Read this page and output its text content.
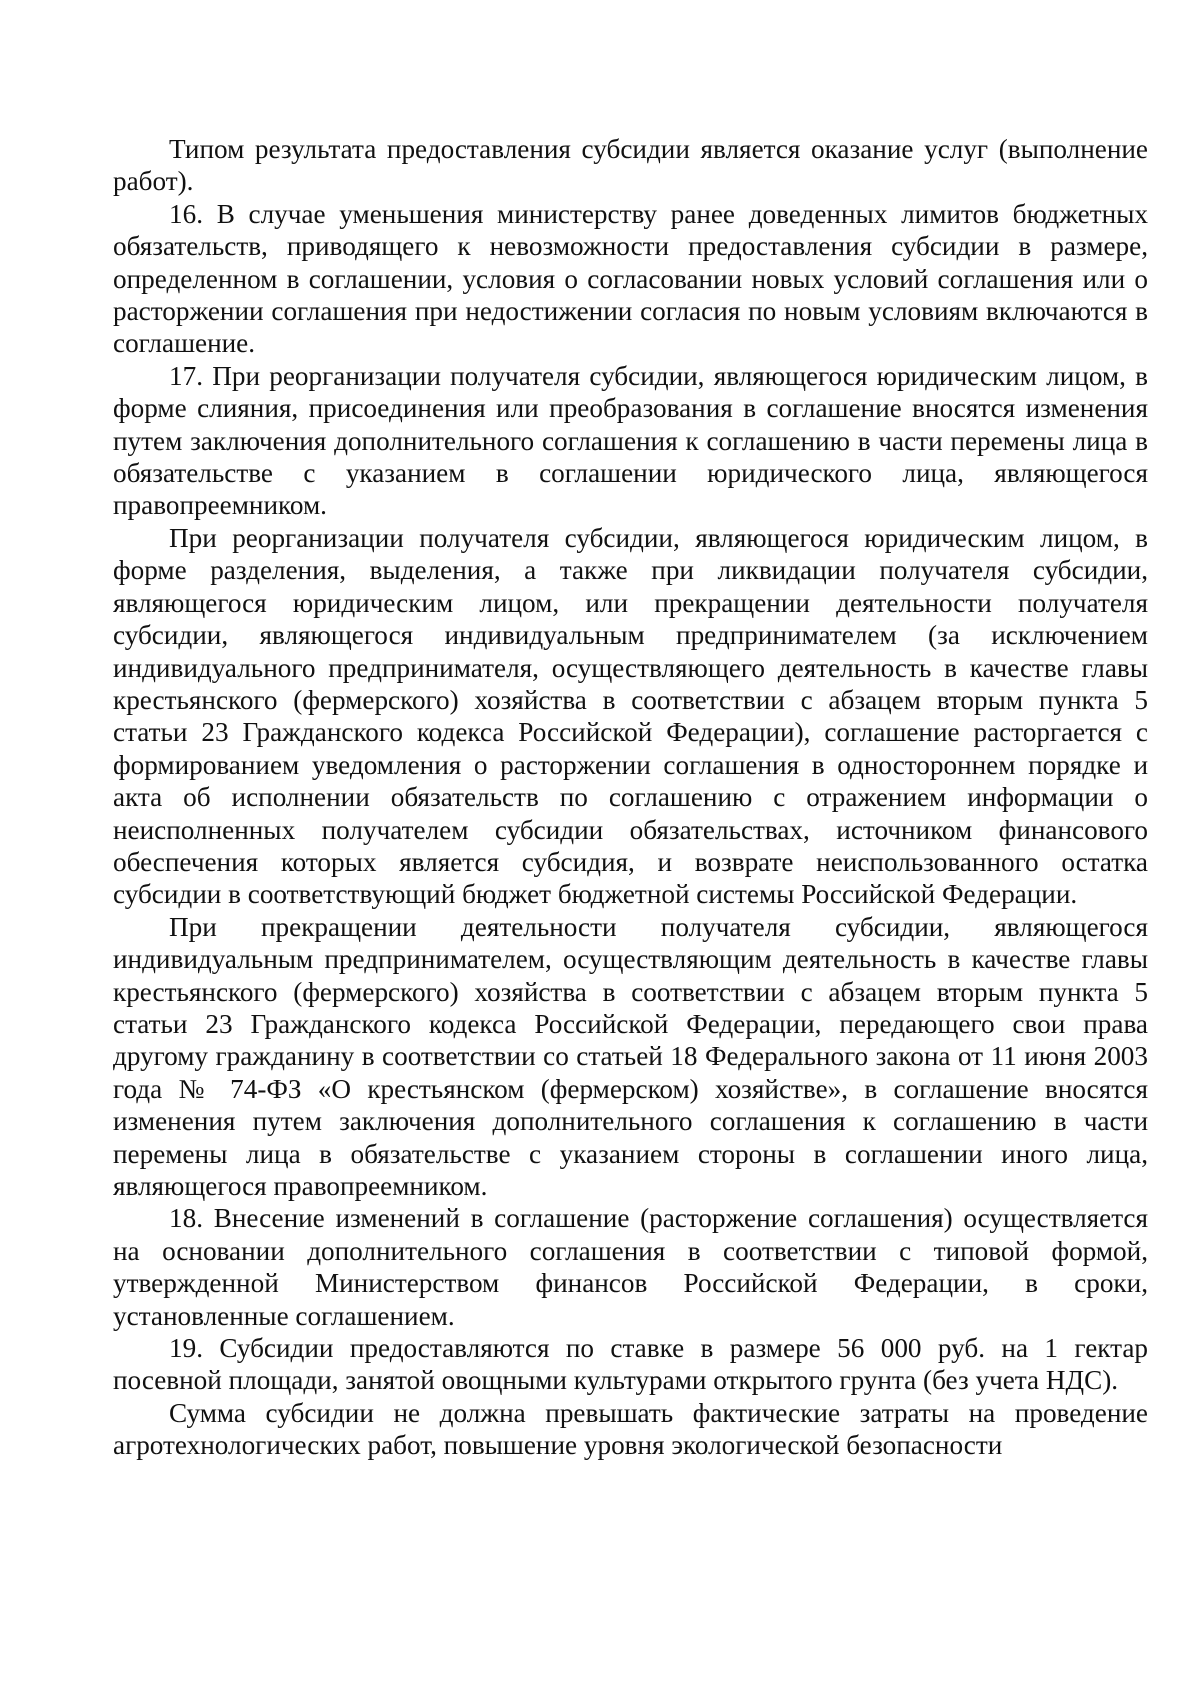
Типом результата предоставления субсидии является оказание услуг (выполнение работ).

16. В случае уменьшения министерству ранее доведенных лимитов бюджетных обязательств, приводящего к невозможности предоставления субсидии в размере, определенном в соглашении, условия о согласовании новых условий соглашения или о расторжении соглашения при недостижении согласия по новым условиям включаются в соглашение.

17. При реорганизации получателя субсидии, являющегося юридическим лицом, в форме слияния, присоединения или преобразования в соглашение вносятся изменения путем заключения дополнительного соглашения к соглашению в части перемены лица в обязательстве с указанием в соглашении юридического лица, являющегося правопреемником.

При реорганизации получателя субсидии, являющегося юридическим лицом, в форме разделения, выделения, а также при ликвидации получателя субсидии, являющегося юридическим лицом, или прекращении деятельности получателя субсидии, являющегося индивидуальным предпринимателем (за исключением индивидуального предпринимателя, осуществляющего деятельность в качестве главы крестьянского (фермерского) хозяйства в соответствии с абзацем вторым пункта 5 статьи 23 Гражданского кодекса Российской Федерации), соглашение расторгается с формированием уведомления о расторжении соглашения в одностороннем порядке и акта об исполнении обязательств по соглашению с отражением информации о неисполненных получателем субсидии обязательствах, источником финансового обеспечения которых является субсидия, и возврате неиспользованного остатка субсидии в соответствующий бюджет бюджетной системы Российской Федерации.

При прекращении деятельности получателя субсидии, являющегося индивидуальным предпринимателем, осуществляющим деятельность в качестве главы крестьянского (фермерского) хозяйства в соответствии с абзацем вторым пункта 5 статьи 23 Гражданского кодекса Российской Федерации, передающего свои права другому гражданину в соответствии со статьей 18 Федерального закона от 11 июня 2003 года № 74-ФЗ «О крестьянском (фермерском) хозяйстве», в соглашение вносятся изменения путем заключения дополнительного соглашения к соглашению в части перемены лица в обязательстве с указанием стороны в соглашении иного лица, являющегося правопреемником.

18. Внесение изменений в соглашение (расторжение соглашения) осуществляется на основании дополнительного соглашения в соответствии с типовой формой, утвержденной Министерством финансов Российской Федерации, в сроки, установленные соглашением.

19. Субсидии предоставляются по ставке в размере 56 000 руб. на 1 гектар посевной площади, занятой овощными культурами открытого грунта (без учета НДС).

Сумма субсидии не должна превышать фактические затраты на проведение агротехнологических работ, повышение уровня экологической безопасности
